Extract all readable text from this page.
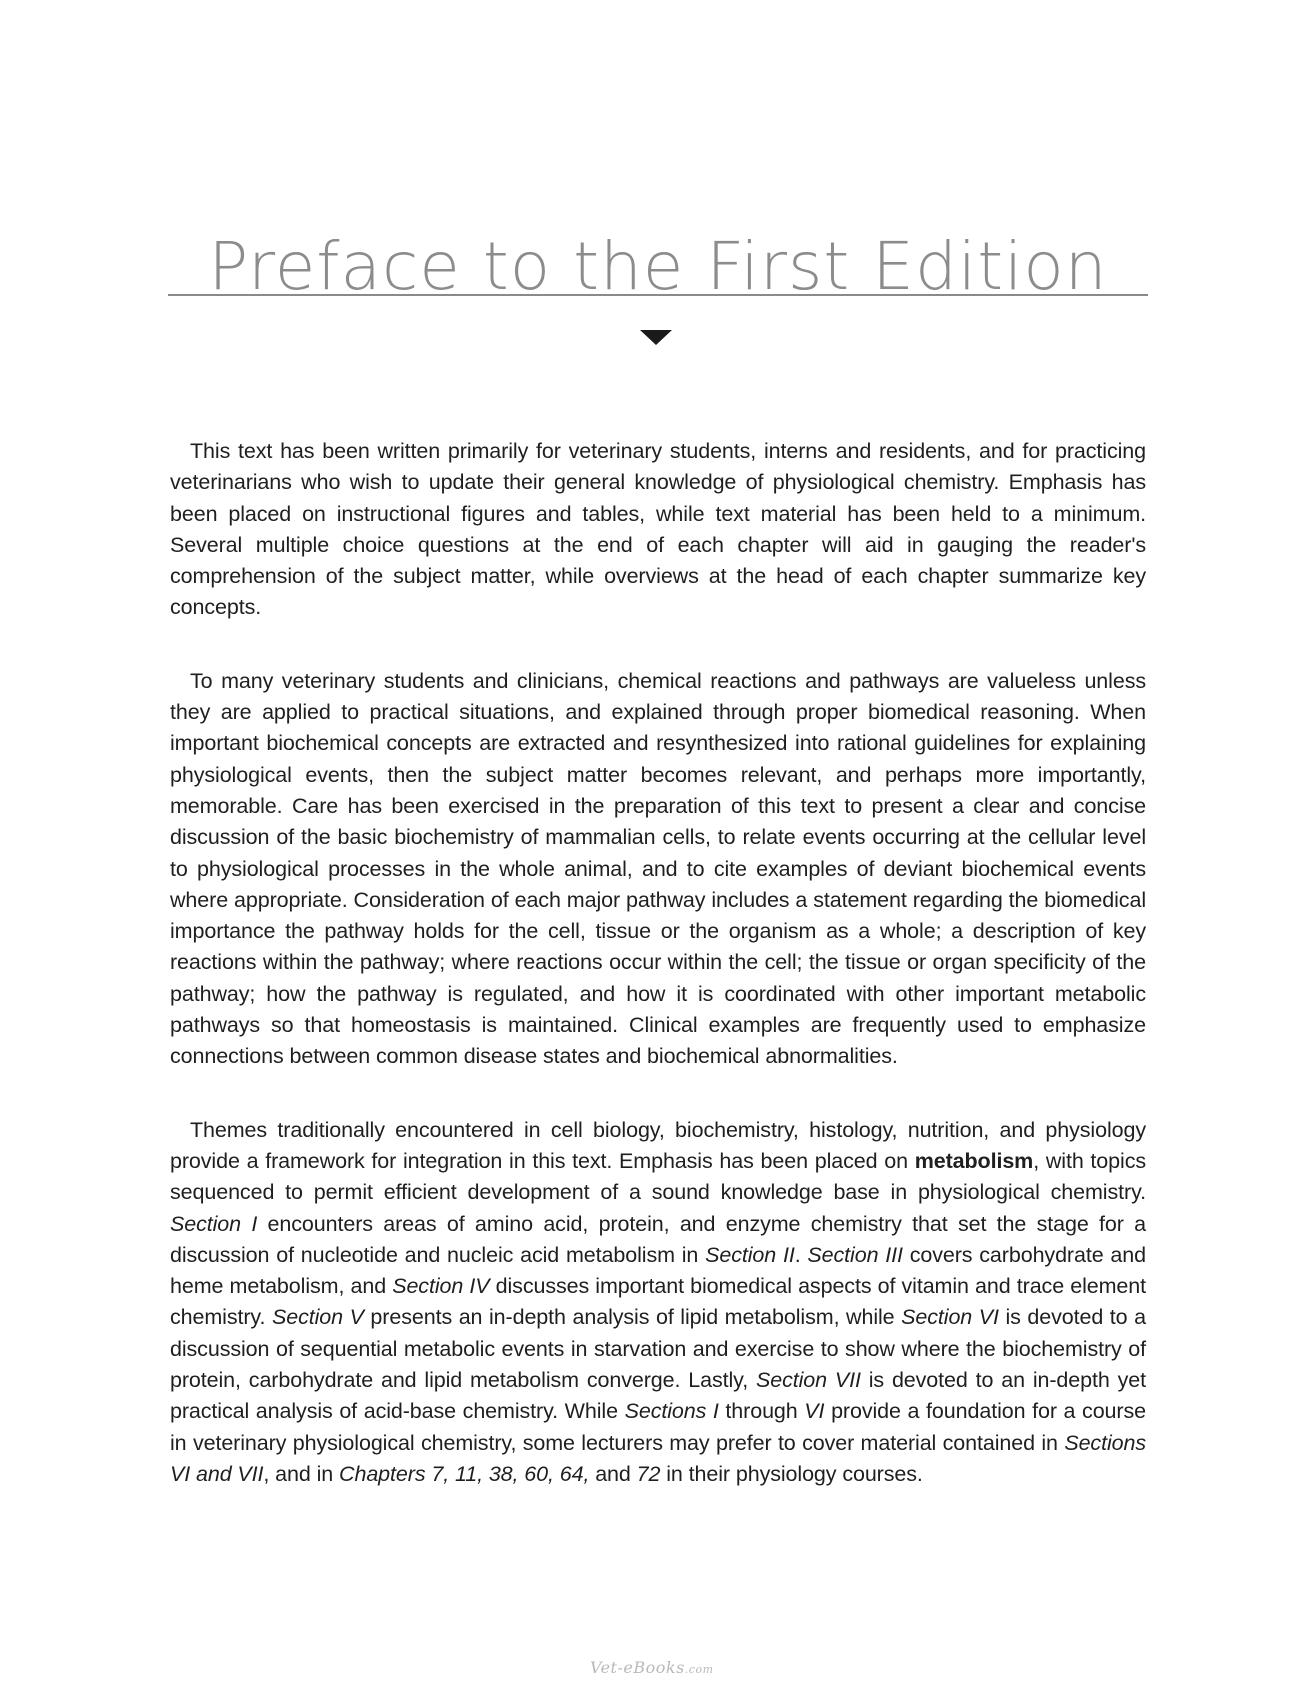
Preface to the First Edition

This text has been written primarily for veterinary students, interns and residents, and for practicing veterinarians who wish to update their general knowledge of physiological chemistry. Emphasis has been placed on instructional figures and tables, while text material has been held to a minimum. Several multiple choice questions at the end of each chapter will aid in gauging the reader's comprehension of the subject matter, while overviews at the head of each chapter summarize key concepts.

To many veterinary students and clinicians, chemical reactions and pathways are valueless unless they are applied to practical situations, and explained through proper biomedical reasoning. When important biochemical concepts are extracted and resynthesized into rational guidelines for explaining physiological events, then the subject matter becomes relevant, and perhaps more importantly, memorable. Care has been exercised in the preparation of this text to present a clear and concise discussion of the basic biochemistry of mammalian cells, to relate events occurring at the cellular level to physiological processes in the whole animal, and to cite examples of deviant biochemical events where appropriate. Consideration of each major pathway includes a statement regarding the biomedical importance the pathway holds for the cell, tissue or the organism as a whole; a description of key reactions within the pathway; where reactions occur within the cell; the tissue or organ specificity of the pathway; how the pathway is regulated, and how it is coordinated with other important metabolic pathways so that homeostasis is maintained. Clinical examples are frequently used to emphasize connections between common disease states and biochemical abnormalities.

Themes traditionally encountered in cell biology, biochemistry, histology, nutrition, and physiology provide a framework for integration in this text. Emphasis has been placed on metabolism, with topics sequenced to permit efficient development of a sound knowledge base in physiological chemistry. Section I encounters areas of amino acid, protein, and enzyme chemistry that set the stage for a discussion of nucleotide and nucleic acid metabolism in Section II. Section III covers carbohydrate and heme metabolism, and Section IV discusses important biomedical aspects of vitamin and trace element chemistry. Section V presents an in-depth analysis of lipid metabolism, while Section VI is devoted to a discussion of sequential metabolic events in starvation and exercise to show where the biochemistry of protein, carbohydrate and lipid metabolism converge. Lastly, Section VII is devoted to an in-depth yet practical analysis of acid-base chemistry. While Sections I through VI provide a foundation for a course in veterinary physiological chemistry, some lecturers may prefer to cover material contained in Sections VI and VII, and in Chapters 7, 11, 38, 60, 64, and 72 in their physiology courses.

Vet-eBooks.com
